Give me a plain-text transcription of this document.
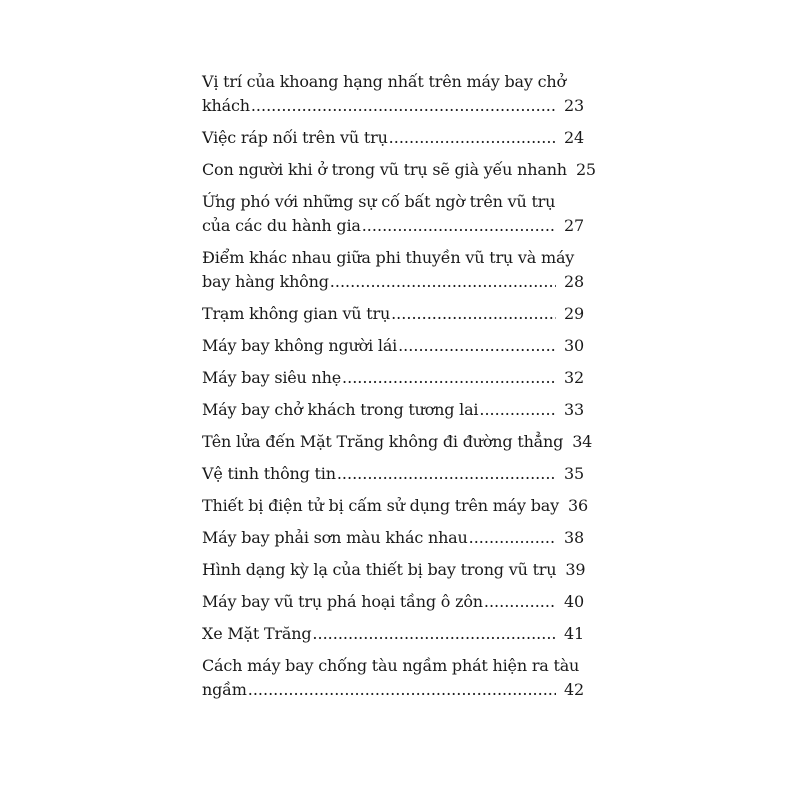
Vị trí của khoang hạng nhất trên máy bay chở
khách .....	23
Việc ráp nối trên vũ trụ .....	24
Con người khi ở trong vũ trụ sẽ già yếu nhanh 25
Ứng phó với những sự cố bất ngờ trên vũ trụ
của các du hành gia .....	27
Điểm khác nhau giữa phi thuyền vũ trụ và máy
bay hàng không .....	28
Trạm không gian vũ trụ .....	29
Máy bay không người lái .....	30
Máy bay siêu nhẹ .....	32
Máy bay chở khách trong tương lai .....	33
Tên lửa đến Mặt Trăng không đi đường thẳng 34
Vệ tinh thông tin .....	35
Thiết bị điện tử bị cấm sử dụng trên máy bay 36
Máy bay phải sơn màu khác nhau .....	38
Hình dạng kỳ lạ của thiết bị bay trong vũ trụ 39
Máy bay vũ trụ phá hoại tầng ô zôn .....	40
Xe Mặt Trăng .....	41
Cách máy bay chống tàu ngầm phát hiện ra tàu
ngầm .....	42
